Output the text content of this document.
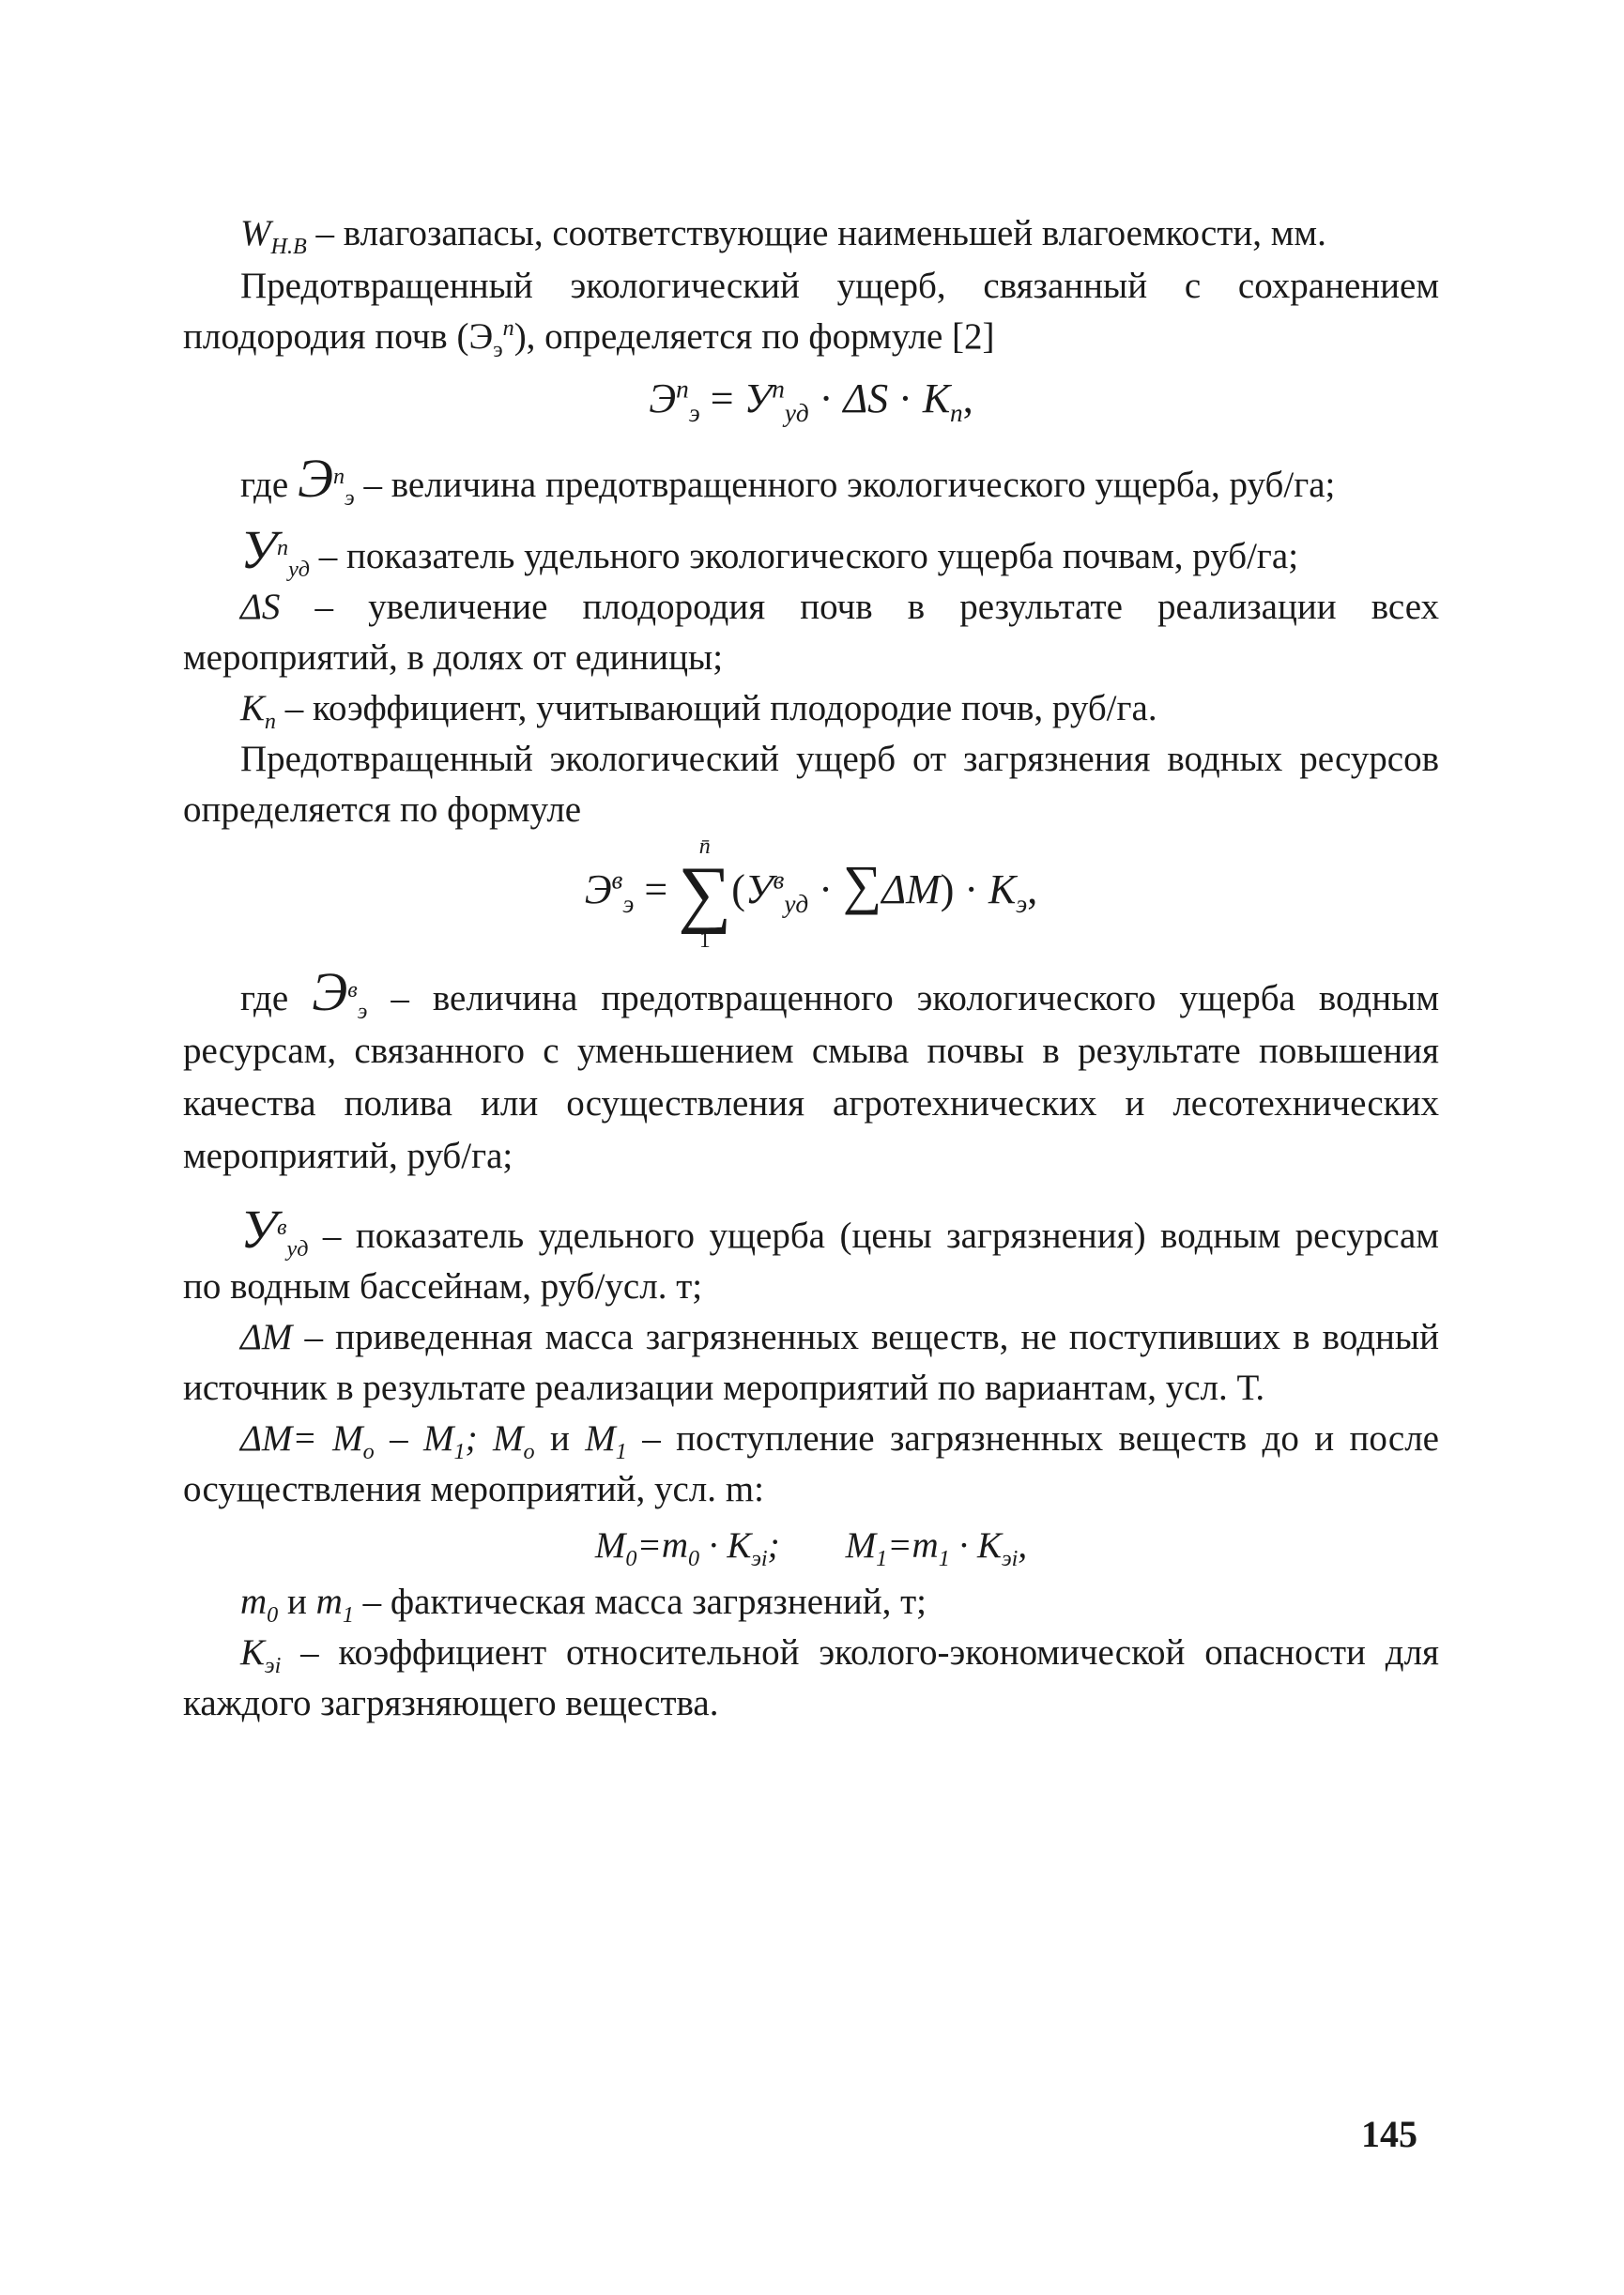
$W_{Н.В}$ – влагозапасы, соответствующие наименьшей влагоемкости, мм.

Предотвращенный экологический ущерб, связанный с сохранением плодородия почв $(Э_э^п)$, определяется по формуле [2]

$Э^п_э = У^п_{уд} \cdot \Delta S \cdot К_п$,

где $Э^п_э$ – величина предотвращенного экологического ущерба, руб/га;

$У^п_{уд}$ – показатель удельного экологического ущерба почвам, руб/га;

ΔS – увеличение плодородия почв в результате реализации всех мероприятий, в долях от единицы;

$К_п$ – коэффициент, учитывающий плодородие почв, руб/га.

Предотвращенный экологический ущерб от загрязнения водных ресурсов определяется по формуле

$Э^в_э$ =
n̄
∑
1
$(У^в_{уд} \cdot \sum\Delta М) \cdot К_э$,

где $Э^в_э$ – величина предотвращенного экологического ущерба водным ресурсам, связанного с уменьшением смыва почвы в результате повышения качества полива или осуществления агротехнических и лесотехнических мероприятий, руб/га;

$У^в_{уд}$ – показатель удельного ущерба (цены загрязнения) водным ресурсам по водным бассейнам, руб/усл. т;

ΔМ – приведенная масса загрязненных веществ, не поступивших в водный источник в результате реализации мероприятий по вариантам, усл. Т.

$\Delta М= М_о - М_1$; $М_о$ и $М_1$ – поступление загрязненных веществ до и после осуществления мероприятий, усл. m:

$М_0=m_0 \cdot К_{эi}$; $М_1=m_1 \cdot К_{эi}$,

$m_0$ и $m_1$ – фактическая масса загрязнений, т;

$К_{эi}$ – коэффициент относительной эколого-экономической опасности для каждого загрязняющего вещества.

145
